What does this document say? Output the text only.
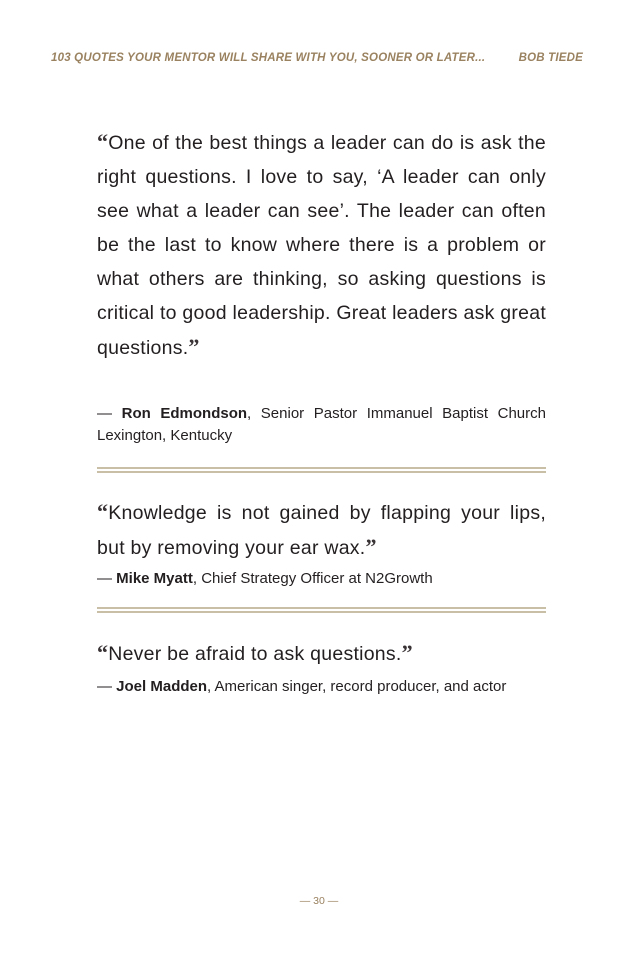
103 QUOTES YOUR MENTOR WILL SHARE WITH YOU, SOONER OR LATER...	BOB TIEDE
“One of the best things a leader can do is ask the right questions. I love to say, ‘A leader can only see what a leader can see’. The leader can often be the last to know where there is a problem or what others are thinking, so asking questions is critical to good leadership. Great leaders ask great questions.”
— Ron Edmondson, Senior Pastor Immanuel Baptist Church Lexington, Kentucky
“Knowledge is not gained by flapping your lips, but by removing your ear wax.”
— Mike Myatt, Chief Strategy Officer at N2Growth
“Never be afraid to ask questions.”
— Joel Madden, American singer, record producer, and actor
— 30 —
